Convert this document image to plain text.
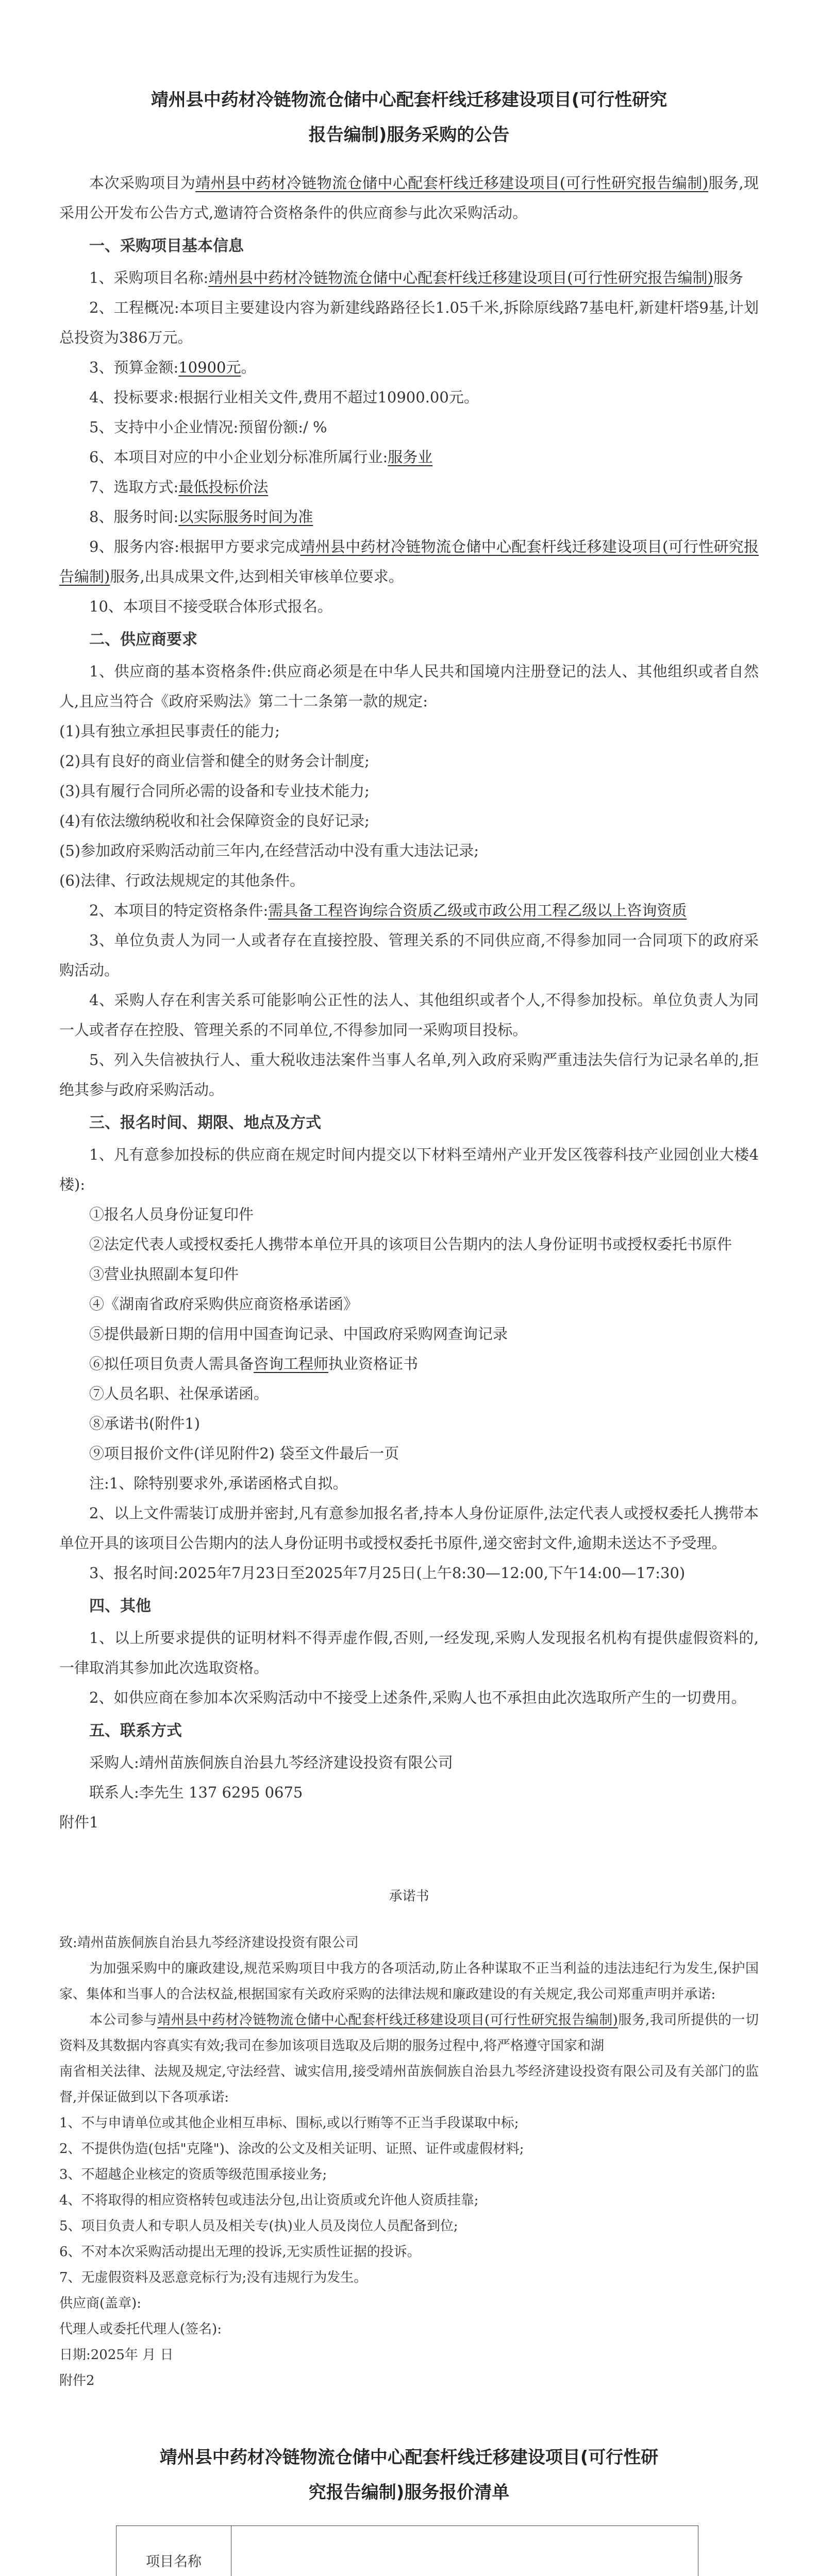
靖州县中药材冷链物流仓储中心配套杆线迁移建设项目(可行性研究
报告编制)服务采购的公告

本次采购项目为靖州县中药材冷链物流仓储中心配套杆线迁移建设项目(可行性研究报告编制)服务,现采用公开发布公告方式,邀请符合资格条件的供应商参与此次采购活动。

一、采购项目基本信息

1、采购项目名称:靖州县中药材冷链物流仓储中心配套杆线迁移建设项目(可行性研究报告编制)服务

2、工程概况:本项目主要建设内容为新建线路路径长1.05千米,拆除原线路7基电杆,新建杆塔9基,计划总投资为386万元。

3、预算金额:10900元。

4、投标要求:根据行业相关文件,费用不超过10900.00元。

5、支持中小企业情况:预留份额:/ %

6、本项目对应的中小企业划分标准所属行业:服务业

7、选取方式:最低投标价法

8、服务时间:以实际服务时间为准

9、服务内容:根据甲方要求完成靖州县中药材冷链物流仓储中心配套杆线迁移建设项目(可行性研究报告编制)服务,出具成果文件,达到相关审核单位要求。

10、本项目不接受联合体形式报名。

二、供应商要求

1、供应商的基本资格条件:供应商必须是在中华人民共和国境内注册登记的法人、其他组织或者自然人,且应当符合《政府采购法》第二十二条第一款的规定:

(1)具有独立承担民事责任的能力;

(2)具有良好的商业信誉和健全的财务会计制度;

(3)具有履行合同所必需的设备和专业技术能力;

(4)有依法缴纳税收和社会保障资金的良好记录;

(5)参加政府采购活动前三年内,在经营活动中没有重大违法记录;

(6)法律、行政法规规定的其他条件。

2、本项目的特定资格条件:需具备工程咨询综合资质乙级或市政公用工程乙级以上咨询资质

3、单位负责人为同一人或者存在直接控股、管理关系的不同供应商,不得参加同一合同项下的政府采购活动。

4、采购人存在利害关系可能影响公正性的法人、其他组织或者个人,不得参加投标。单位负责人为同一人或者存在控股、管理关系的不同单位,不得参加同一采购项目投标。

5、列入失信被执行人、重大税收违法案件当事人名单,列入政府采购严重违法失信行为记录名单的,拒绝其参与政府采购活动。

三、报名时间、期限、地点及方式

1、凡有意参加投标的供应商在规定时间内提交以下材料至靖州产业开发区筏蓉科技产业园创业大楼4楼):

①报名人员身份证复印件

②法定代表人或授权委托人携带本单位开具的该项目公告期内的法人身份证明书或授权委托书原件

③营业执照副本复印件

④《湖南省政府采购供应商资格承诺函》

⑤提供最新日期的信用中国查询记录、中国政府采购网查询记录

⑥拟任项目负责人需具备咨询工程师执业资格证书

⑦人员名职、社保承诺函。

⑧承诺书(附件1)

⑨项目报价文件(详见附件2) 袋至文件最后一页

注:1、除特别要求外,承诺函格式自拟。

2、以上文件需装订成册并密封,凡有意参加报名者,持本人身份证原件,法定代表人或授权委托人携带本单位开具的该项目公告期内的法人身份证明书或授权委托书原件,递交密封文件,逾期未送达不予受理。

3、报名时间:2025年7月23日至2025年7月25日(上午8:30—12:00,下午14:00—17:30)

四、其他

1、以上所要求提供的证明材料不得弄虚作假,否则,一经发现,采购人发现报名机构有提供虚假资料的,一律取消其参加此次选取资格。

2、如供应商在参加本次采购活动中不接受上述条件,采购人也不承担由此次选取所产生的一切费用。

五、联系方式

采购人:靖州苗族侗族自治县九芩经济建设投资有限公司

联系人:李先生 137 6295 0675

附件1

承诺书

致:靖州苗族侗族自治县九芩经济建设投资有限公司

为加强采购中的廉政建设,规范采购项目中我方的各项活动,防止各种谋取不正当利益的违法违纪行为发生,保护国家、集体和当事人的合法权益,根据国家有关政府采购的法律法规和廉政建设的有关规定,我公司郑重声明并承诺:

本公司参与靖州县中药材冷链物流仓储中心配套杆线迁移建设项目(可行性研究报告编制)服务,我司所提供的一切资料及其数据内容真实有效;我司在参加该项目选取及后期的服务过程中,将严格遵守国家和湖

南省相关法律、法规及规定,守法经营、诚实信用,接受靖州苗族侗族自治县九芩经济建设投资有限公司及有关部门的监督,并保证做到以下各项承诺:

1、不与申请单位或其他企业相互串标、围标,或以行贿等不正当手段谋取中标;

2、不提供伪造(包括"克隆")、涂改的公文及相关证明、证照、证件或虚假材料;

3、不超越企业核定的资质等级范围承接业务;

4、不将取得的相应资格转包或违法分包,出让资质或允许他人资质挂靠;

5、项目负责人和专职人员及相关专(执)业人员及岗位人员配备到位;

6、不对本次采购活动提出无理的投诉,无实质性证据的投诉。

7、无虚假资料及恶意竞标行为;没有违规行为发生。

供应商(盖章):

代理人或委托代理人(签名):

日期:2025年 月 日

附件2

靖州县中药材冷链物流仓储中心配套杆线迁移建设项目(可行性研
究报告编制)服务报价清单
项目名称	
